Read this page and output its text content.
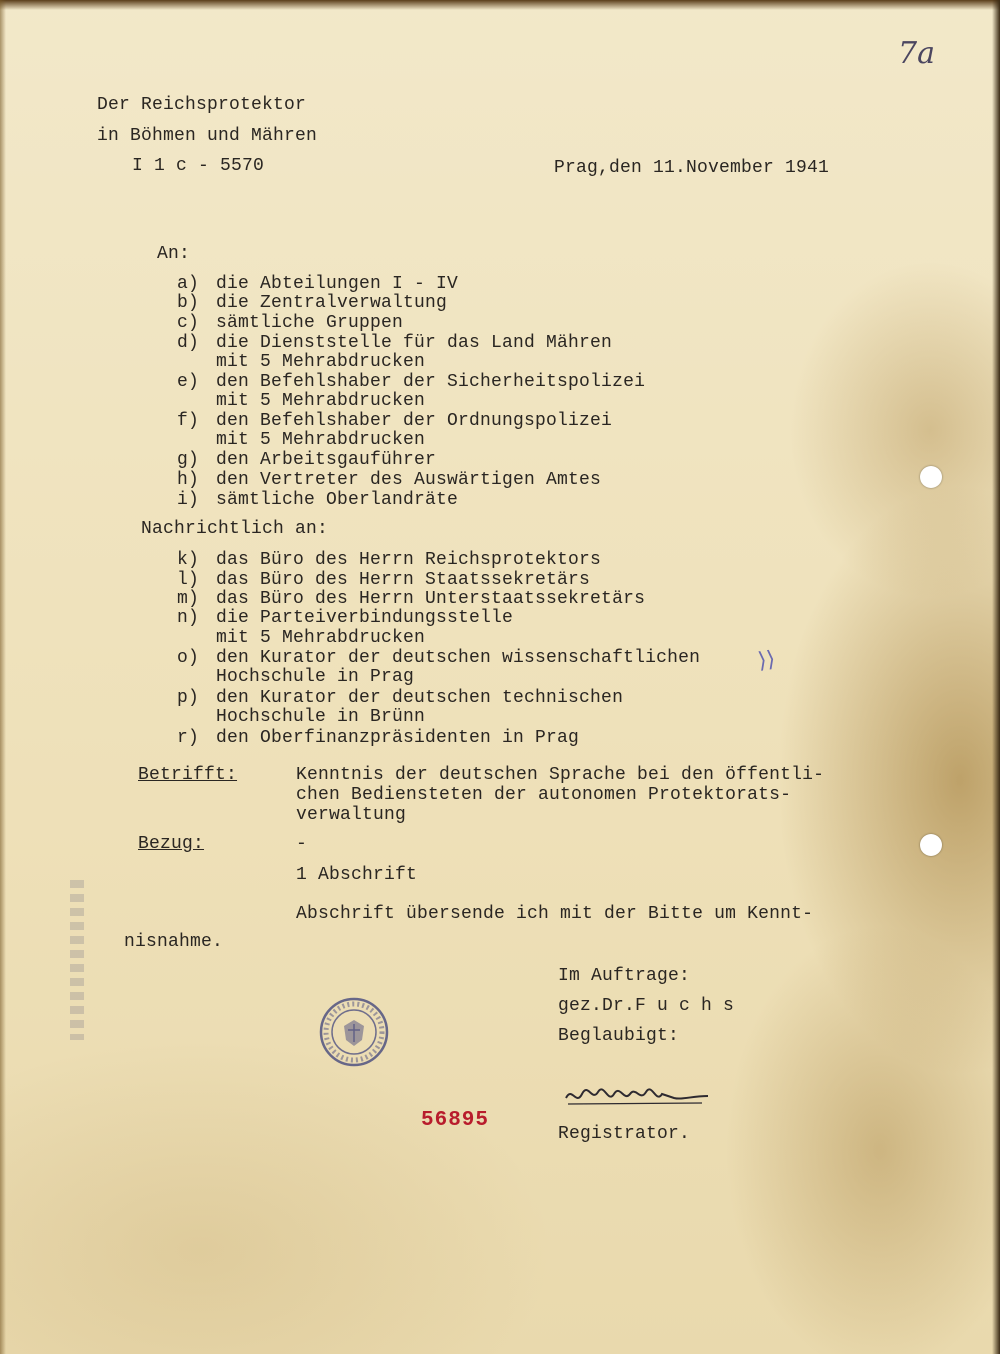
7a
Der Reichsprotektor
in Böhmen und Mähren
I 1 c - 5570	Prag,den 11.November 1941
An:
a) die Abteilungen I - IV
b) die Zentralverwaltung
c) sämtliche Gruppen
d) die Dienststelle für das Land Mähren
mit 5 Mehrabdrucken
e) den Befehlshaber der Sicherheitspolizei
mit 5 Mehrabdrucken
f) den Befehlshaber der Ordnungspolizei
mit 5 Mehrabdrucken
g) den Arbeitsgauführer
h) den Vertreter des Auswärtigen Amtes
i) sämtliche Oberlandräte
Nachrichtlich an:
k) das Büro des Herrn Reichsprotektors
l) das Büro des Herrn Staatssekretärs
m) das Büro des Herrn Unterstaatssekretärs
n) die Parteiverbindungsstelle
mit 5 Mehrabdrucken
o) den Kurator der deutschen wissenschaftlichen
Hochschule in Prag
p) den Kurator der deutschen technischen
Hochschule in Brünn
r) den Oberfinanzpräsidenten in Prag
⟩⟩
Betrifft:	Kenntnis der deutschen Sprache bei den öffentli-
chen Bediensteten der autonomen Protektorats-
verwaltung
Bezug:	-
1 Abschrift
Abschrift übersende ich mit der Bitte um Kennt-
nisnahme.
Im Auftrage:
gez.Dr.F u c h s
Beglaubigt:
Registrator.
56895
